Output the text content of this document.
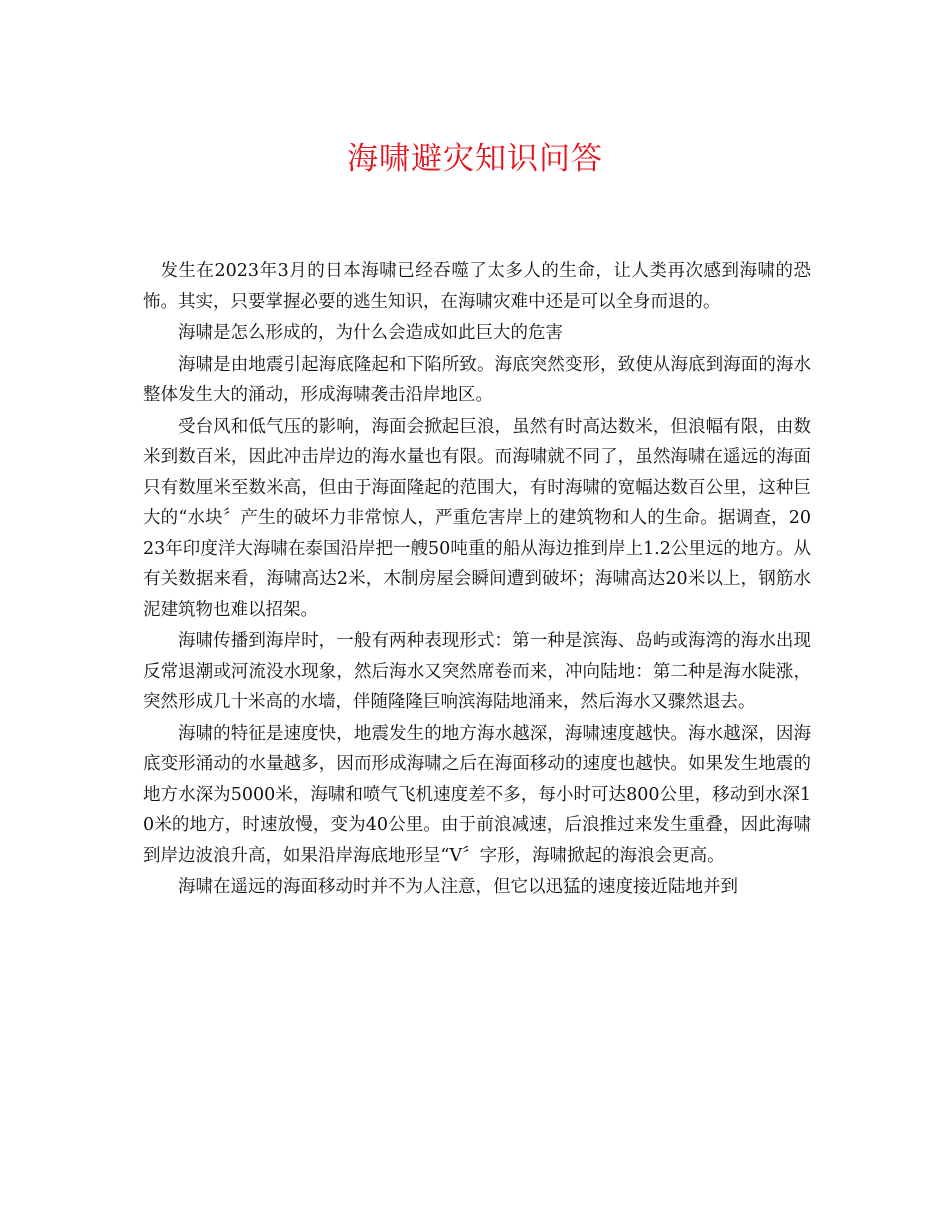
海啸避灾知识问答

发生在2023年3月的日本海啸已经吞噬了太多人的生命，让人类再次感到海啸的恐怖。其实，只要掌握必要的逃生知识，在海啸灾难中还是可以全身而退的。

海啸是怎么形成的，为什么会造成如此巨大的危害

海啸是由地震引起海底隆起和下陷所致。海底突然变形，致使从海底到海面的海水整体发生大的涌动，形成海啸袭击沿岸地区。

受台风和低气压的影响，海面会掀起巨浪，虽然有时高达数米，但浪幅有限，由数米到数百米，因此冲击岸边的海水量也有限。而海啸就不同了，虽然海啸在遥远的海面只有数厘米至数米高，但由于海面隆起的范围大，有时海啸的宽幅达数百公里，这种巨大的“水块〞产生的破坏力非常惊人，严重危害岸上的建筑物和人的生命。据调查，2023年印度洋大海啸在泰国沿岸把一艘50吨重的船从海边推到岸上1.2公里远的地方。从有关数据来看，海啸高达2米，木制房屋会瞬间遭到破坏；海啸高达20米以上，钢筋水泥建筑物也难以招架。

海啸传播到海岸时，一般有两种表现形式：第一种是滨海、岛屿或海湾的海水出现反常退潮或河流没水现象，然后海水又突然席卷而来，冲向陆地：第二种是海水陡涨，突然形成几十米高的水墙，伴随隆隆巨响滨海陆地涌来，然后海水又骤然退去。

海啸的特征是速度快，地震发生的地方海水越深，海啸速度越快。海水越深，因海底变形涌动的水量越多，因而形成海啸之后在海面移动的速度也越快。如果发生地震的地方水深为5000米，海啸和喷气飞机速度差不多，每小时可达800公里，移动到水深10米的地方，时速放慢，变为40公里。由于前浪减速，后浪推过来发生重叠，因此海啸到岸边波浪升高，如果沿岸海底地形呈“V〞字形，海啸掀起的海浪会更高。

海啸在遥远的海面移动时并不为人注意，但它以迅猛的速度接近陆地并到
